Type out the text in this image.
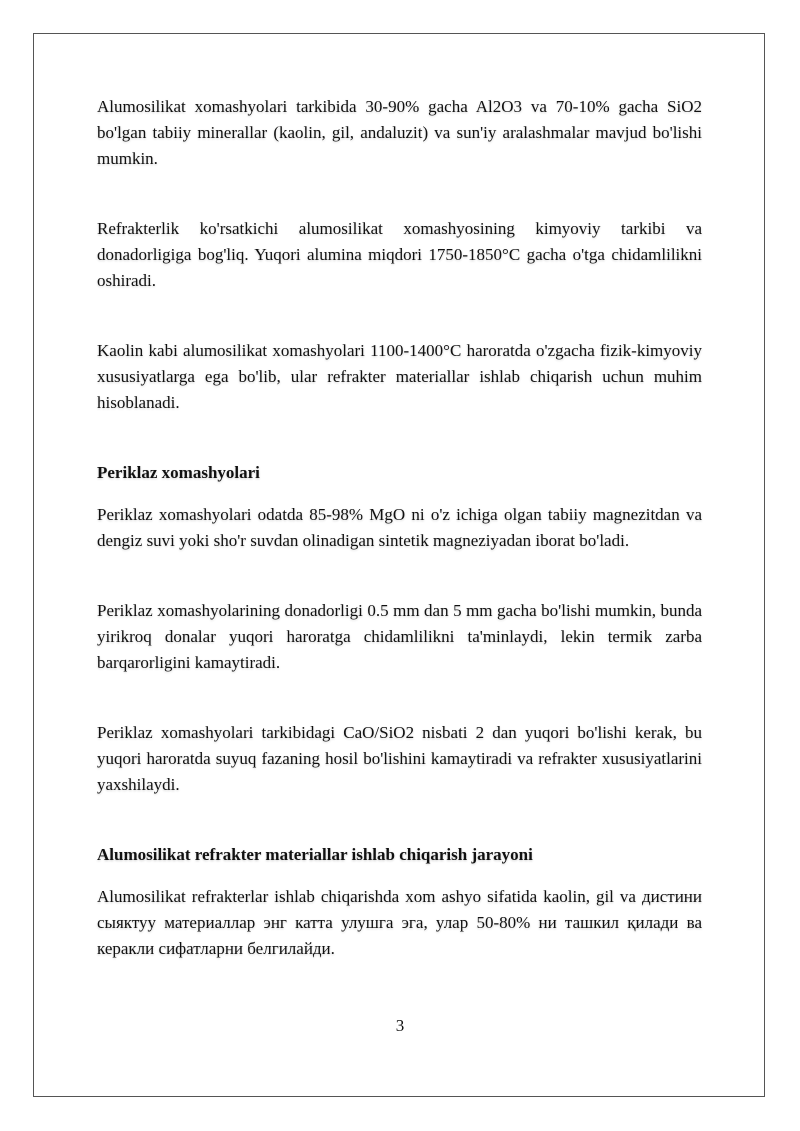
Alumosilikat xomashyolari tarkibida 30-90% gacha Al2O3 va 70-10% gacha SiO2 bo'lgan tabiiy minerallar (kaolin, gil, andaluzit) va sun'iy aralashmalar mavjud bo'lishi mumkin.

Refrakterlik ko'rsatkichi alumosilikat xomashyosining kimyoviy tarkibi va donadorligiga bog'liq. Yuqori alumina miqdori 1750-1850°C gacha o'tga chidamlilikni oshiradi.

Kaolin kabi alumosilikat xomashyolari 1100-1400°C haroratda o'zgacha fizik-kimyoviy xususiyatlarga ega bo'lib, ular refrakter materiallar ishlab chiqarish uchun muhim hisoblanadi.

Periklaz xomashyolari

Periklaz xomashyolari odatda 85-98% MgO ni o'z ichiga olgan tabiiy magnezitdan va dengiz suvi yoki sho'r suvdan olinadigan sintetik magneziyadan iborat bo'ladi.

Periklaz xomashyolarining donadorligi 0.5 mm dan 5 mm gacha bo'lishi mumkin, bunda yirikroq donalar yuqori haroratga chidamlilikni ta'minlaydi, lekin termik zarba barqarorligini kamaytiradi.

Periklaz xomashyolari tarkibidagi CaO/SiO2 nisbati 2 dan yuqori bo'lishi kerak, bu yuqori haroratda suyuq fazaning hosil bo'lishini kamaytiradi va refrakter xususiyatlarini yaxshilaydi.

Alumosilikat refrakter materiallar ishlab chiqarish jarayoni

Alumosilikat refrakterlar ishlab chiqarishda xom ashyo sifatida kaolin, gil va дистини сыяктуу материаллар энг катта улушга эга, улар 50-80% ни ташкил қилади ва керакли сифатларни белгилайди.

3
